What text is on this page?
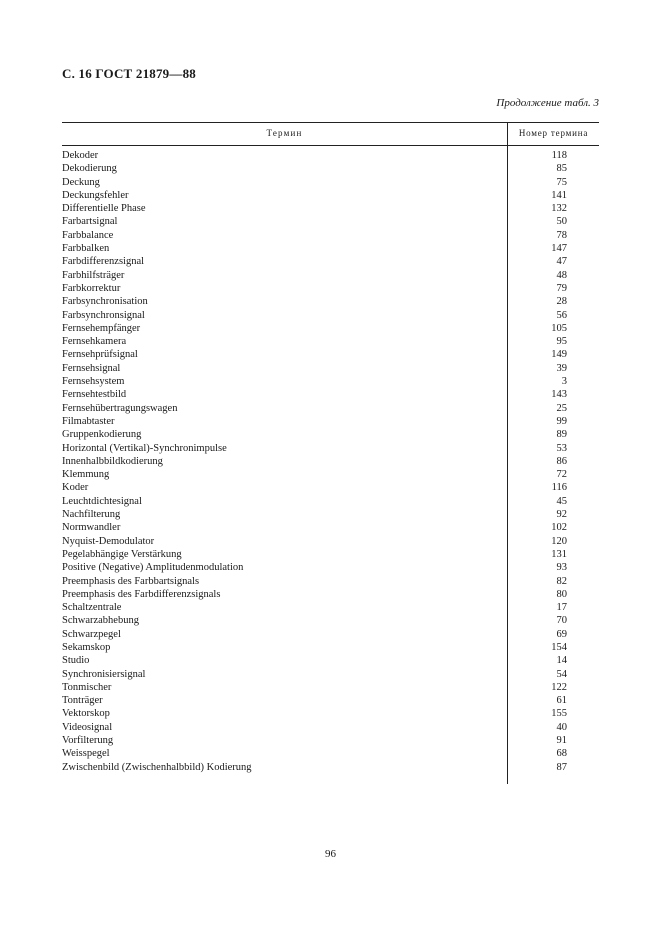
С. 16 ГОСТ 21879—88
Продолжение табл. 3
Термин	Номер термина
Dekoder	118
Dekodierung	85
Deckung	75
Deckungsfehler	141
Differentielle Phase	132
Farbartsignal	50
Farbbalance	78
Farbbalken	147
Farbdifferenzsignal	47
Farbhilfsträger	48
Farbkorrektur	79
Farbsynchronisation	28
Farbsynchronsignal	56
Fernsehempfänger	105
Fernsehkamera	95
Fernsehprüfsignal	149
Fernsehsignal	39
Fernsehsystem	3
Fernsehtestbild	143
Fernsehübertragungswagen	25
Filmabtaster	99
Gruppenkodierung	89
Horizontal (Vertikal)-Synchronimpulse	53
Innenhalbbildkodierung	86
Klemmung	72
Koder	116
Leuchtdichtesignal	45
Nachfilterung	92
Normwandler	102
Nyquist-Demodulator	120
Pegelabhängige Verstärkung	131
Positive (Negative) Amplitudenmodulation	93
Preemphasis des Farbbartsignals	82
Preemphasis des Farbdifferenzsignals	80
Schaltzentrale	17
Schwarzabhebung	70
Schwarzpegel	69
Sekamskop	154
Studio	14
Synchronisiersignal	54
Tonmischer	122
Tonträger	61
Vektorskop	155
Videosignal	40
Vorfilterung	91
Weisspegel	68
Zwischenbild (Zwischenhalbbild) Kodierung	87
96
